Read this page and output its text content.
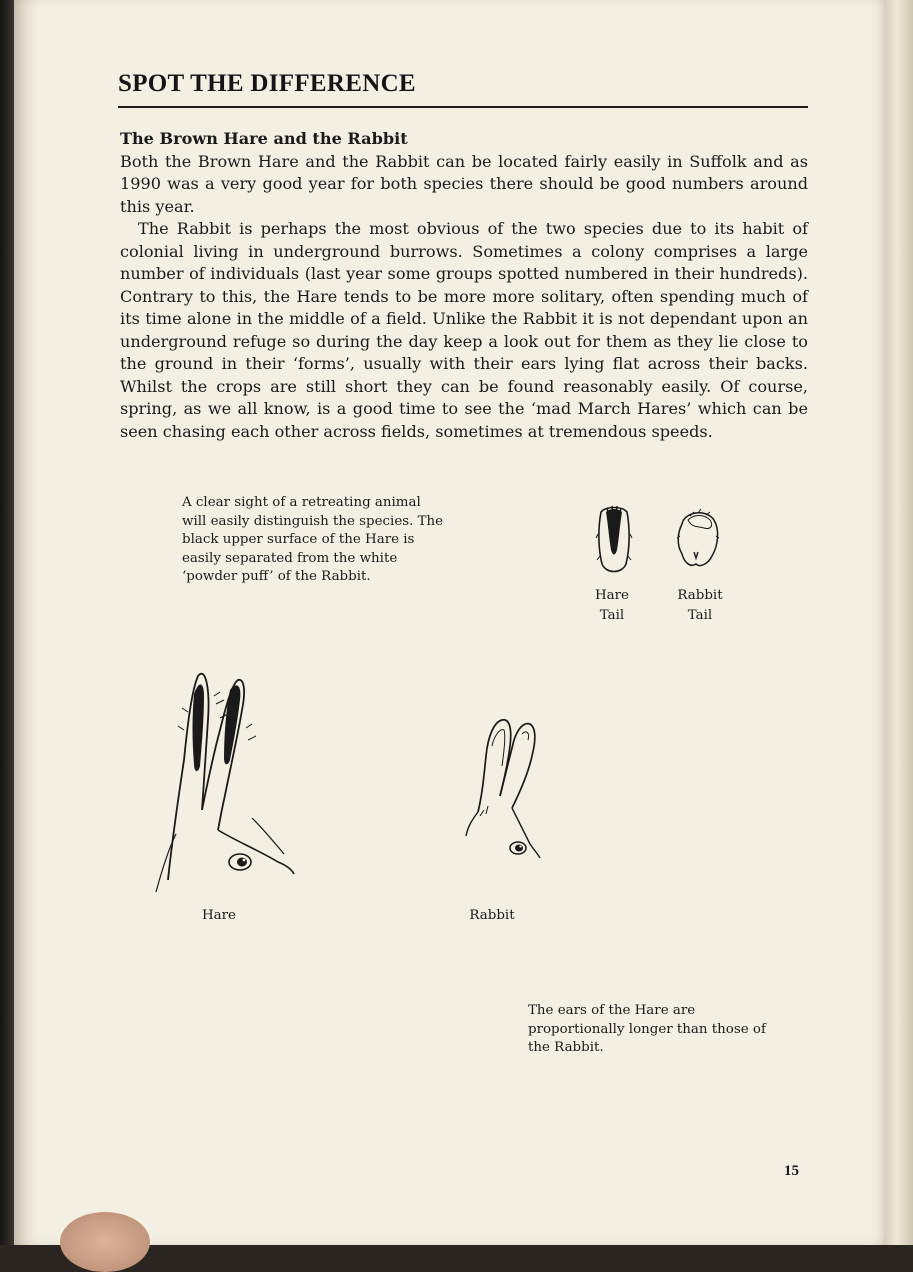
SPOT THE DIFFERENCE
The Brown Hare and the Rabbit

Both the Brown Hare and the Rabbit can be located fairly easily in Suffolk and as 1990 was a very good year for both species there should be good numbers around this year.

The Rabbit is perhaps the most obvious of the two species due to its habit of colonial living in underground burrows. Sometimes a colony comprises a large number of individuals (last year some groups spotted numbered in their hundreds). Contrary to this, the Hare tends to be more more solitary, often spending much of its time alone in the middle of a field. Unlike the Rabbit it is not dependant upon an underground refuge so during the day keep a look out for them as they lie close to the ground in their ‘forms’, usually with their ears lying flat across their backs. Whilst the crops are still short they can be found reasonably easily. Of course, spring, as we all know, is a good time to see the ‘mad March Hares’ which can be seen chasing each other across fields, sometimes at tremendous speeds.

A clear sight of a retreating animal will easily distinguish the species. The black upper surface of the Hare is easily separated from the white ‘powder puff’ of the Rabbit.
Hare
Tail
Rabbit
Tail
Hare	Rabbit
The ears of the Hare are proportionally longer than those of the Rabbit.

15
